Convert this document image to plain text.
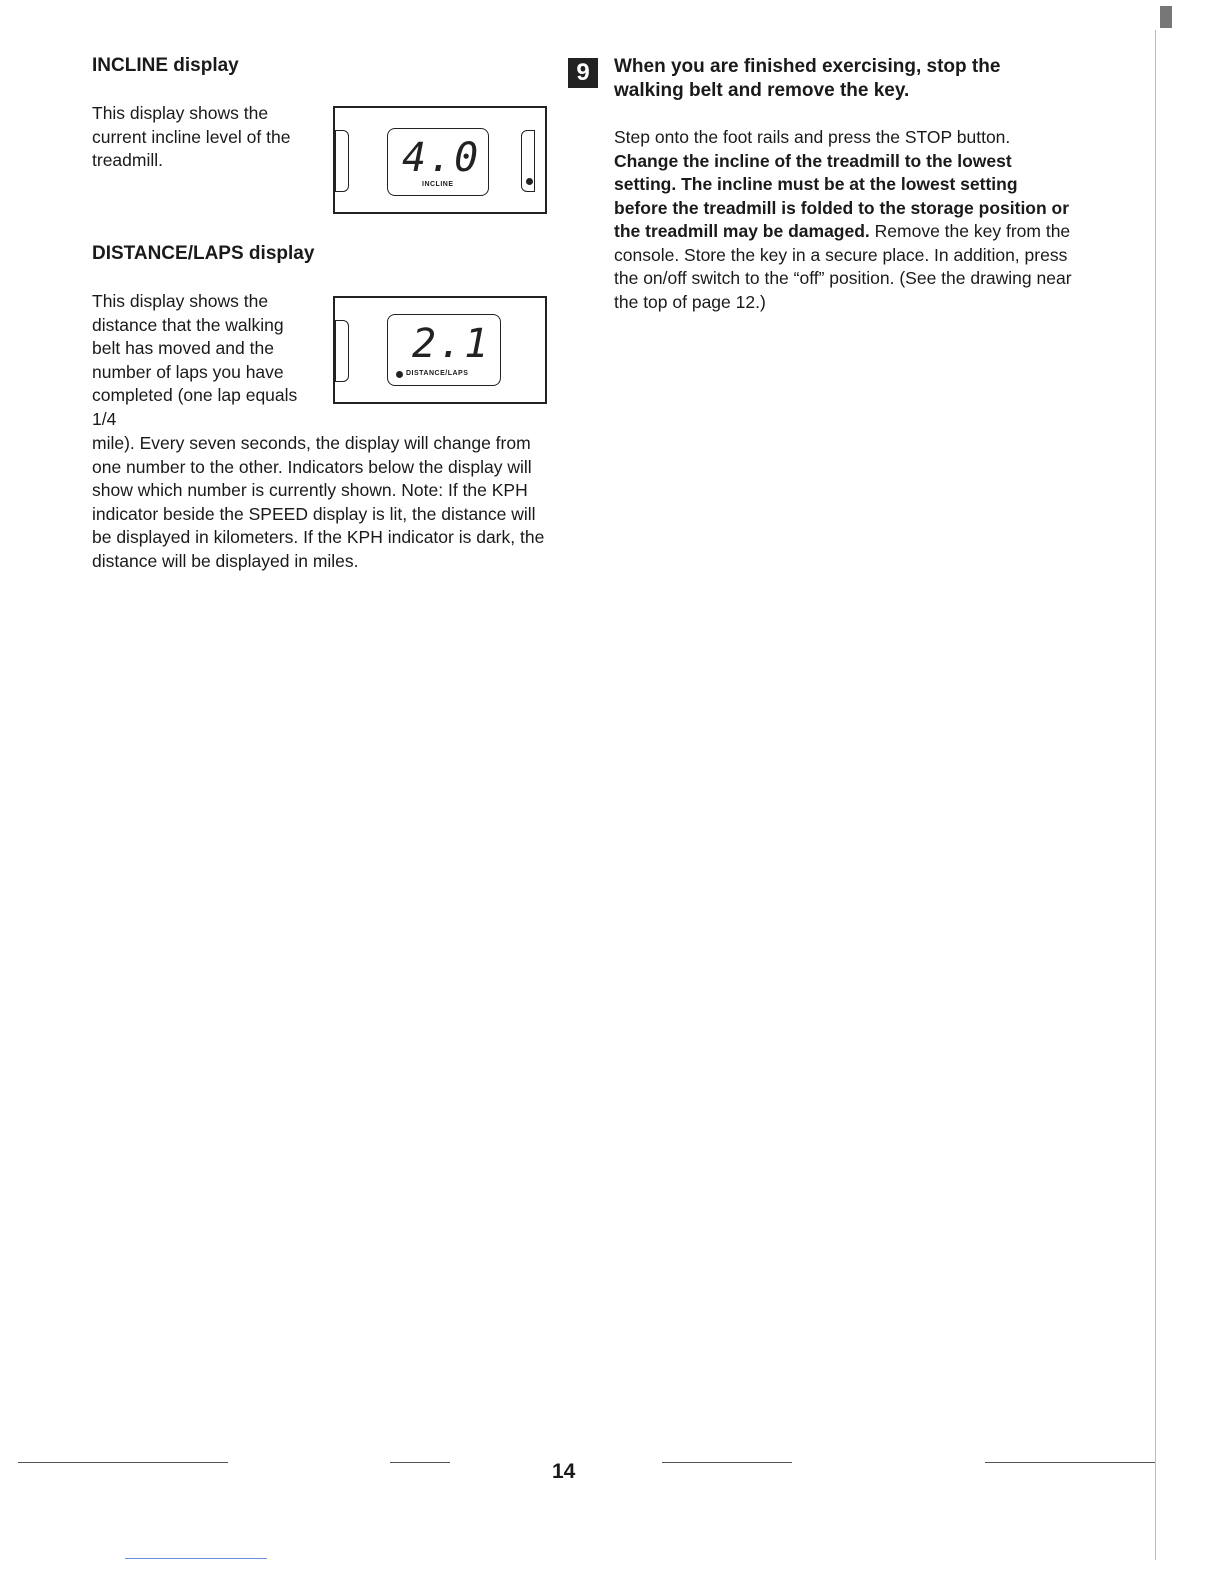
INCLINE display
This display shows the current incline level of the treadmill.	4.0
INCLINE
DISTANCE/LAPS display
This display shows the distance that the walking belt has moved and the number of laps you have completed (one lap equals 1/4
mile). Every seven seconds, the display will change from one number to the other. Indicators below the display will show which number is currently shown. Note: If the KPH indicator beside the SPEED display is lit, the distance will be displayed in kilometers. If the KPH indicator is dark, the distance will be displayed in miles.
2.1
DISTANCE/LAPS
9	When you are finished exercising, stop the walking belt and remove the key.
Step onto the foot rails and press the STOP button. Change the incline of the treadmill to the lowest setting. The incline must be at the lowest setting before the treadmill is folded to the storage position or the treadmill may be damaged. Remove the key from the console. Store the key in a secure place. In addition, press the on/off switch to the “off” position. (See the drawing near the top of page 12.)
14
